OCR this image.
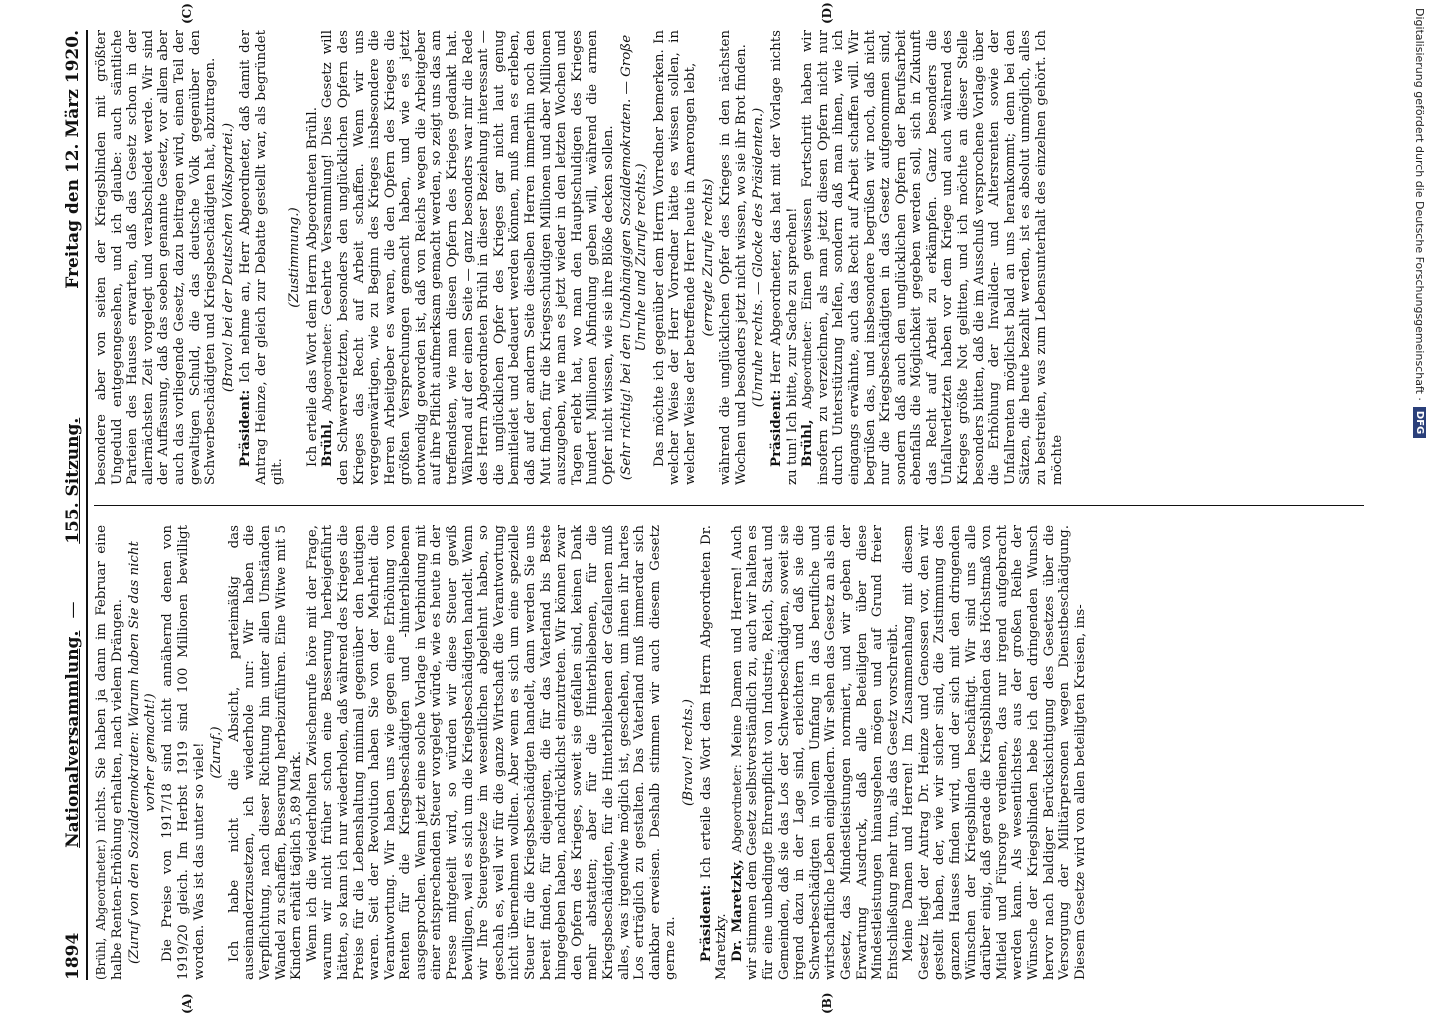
1894
Nationalversammlung.
—
155. Sitzung.
Freitag den 12. März 1920.
(A)	(B)
(C)	(D)

(Brühl, Abgeordneter.) nichts. Sie haben ja dann im Februar eine halbe Renten-Erhöhung erhalten, nach vielem Drängen. (Zuruf von den Sozialdemokraten: Warum haben Sie das nicht vorher gemacht!) Die Preise von 1917/18 sind nicht annähernd denen von 1919/20 gleich. Im Herbst 1919 sind 100 Millionen bewilligt worden. Was ist das unter so viele! (Zuruf.) Ich habe nicht die Absicht, parteimäßig das auseinanderzusetzen, ich wiederhole nur: Wir haben die Verpflichtung, nach dieser Richtung hin unter allen Umständen Wandel zu schaffen, Besserung herbeizuführen. Eine Witwe mit 5 Kindern erhält täglich 5,89 Mark. Wenn ich die wiederholten Zwischenrufe höre mit der Frage, warum wir nicht früher schon eine Besserung herbeigeführt hätten, so kann ich nur wiederholen, daß während des Krieges die Preise für die Lebenshaltung minimal gegenüber den heutigen waren. Seit der Revolution haben Sie von der Mehrheit die Verantwortung. Wir haben uns wie gegen eine Erhöhung von Renten für die Kriegsbeschädigten und -hinterbliebenen ausgesprochen. Wenn jetzt eine solche Vorlage in Verbindung mit einer entsprechenden Steuer vorgelegt würde, wie es heute in der Presse mitgeteilt wird, so würden wir diese Steuer gewiß bewilligen, weil es sich um die Kriegsbeschädigten handelt. Wenn wir Ihre Steuergesetze im wesentlichen abgelehnt haben, so geschah es, weil wir für die ganze Wirtschaft die Verantwortung nicht übernehmen wollten. Aber wenn es sich um eine spezielle Steuer für die Kriegsbeschädigten handelt, dann werden Sie uns bereit finden, für diejenigen, die für das Vaterland bis Beste hingegeben haben, nachdrücklichst einzutreten. Wir können zwar den Opfern des Krieges, soweit sie gefallen sind, keinen Dank mehr abstatten; aber für die Hinterbliebenen, für die Kriegsbeschädigten, für die Hinterbliebenen der Gefallenen muß alles, was irgendwie möglich ist, geschehen, um ihnen ihr hartes Los erträglich zu gestalten. Das Vaterland muß immerdar sich dankbar erweisen. Deshalb stimmen wir auch diesem Gesetz gerne zu.

(Bravo! rechts.)

Präsident: Ich erteile das Wort dem Herrn Abgeordneten Dr. Maretzky. Dr. Maretzky, Abgeordneter: Meine Damen und Herren! Auch wir stimmen dem Gesetz selbstverständlich zu, auch wir halten es für eine unbedingte Ehrenpflicht von Industrie, Reich, Staat und Gemeinden, daß sie das Los der Schwerbeschädigten, soweit sie irgend dazu in der Lage sind, erleichtern und daß sie die Schwerbeschädigten in vollem Umfang in das berufliche und wirtschaftliche Leben eingliedern. Wir sehen das Gesetz an als ein Gesetz, das Mindestleistungen normiert, und wir geben der Erwartung Ausdruck, daß alle Beteiligten über diese Mindestleistungen hinausgehen mögen und auf Grund freier Entschließung mehr tun, als das Gesetz vorschreibt. Meine Damen und Herren! Im Zusammenhang mit diesem Gesetz liegt der Antrag Dr. Heinze und Genossen vor, den wir gestellt haben, der, wie wir sicher sind, die Zustimmung des ganzen Hauses finden wird, und der sich mit den dringenden Wünschen der Kriegsblinden beschäftigt. Wir sind uns alle darüber einig, daß gerade die Kriegsblinden das Höchstmaß von Mitleid und Fürsorge verdienen, das nur irgend aufgebracht werden kann. Als wesentlichstes aus der großen Reihe der Wünsche der Kriegsblinden hebe ich den dringenden Wunsch hervor nach baldiger Berücksichtigung des Gesetzes über die Versorgung der Militärpersonen wegen Dienstbeschädigung. Diesem Gesetze wird von allen beteiligten Kreisen, ins-

besondere aber von seiten der Kriegsblinden mit größter Ungeduld entgegengesehen, und ich glaube: auch sämtliche Parteien des Hauses erwarten, daß das Gesetz schon in der allernächsten Zeit vorgelegt und verabschiedet werde. Wir sind der Auffassung, daß das soeben genannte Gesetz, vor allem aber auch das vorliegende Gesetz, dazu beitragen wird, einen Teil der gewaltigen Schuld, die das deutsche Volk gegenüber den Schwerbeschädigten und Kriegsbeschädigten hat, abzutragen. (Bravo! bei der Deutschen Volkspartei.)

Präsident: Ich nehme an, Herr Abgeordneter, daß damit der Antrag Heinze, der gleich zur Debatte gestellt war, als begründet gilt.

(Zustimmung.) Ich erteile das Wort dem Herrn Abgeordneten Brühl. Brühl, Abgeordneter: Geehrte Versammlung! Dies Gesetz will den Schwerverletzten, besonders den unglücklichen Opfern des Krieges das Recht auf Arbeit schaffen. Wenn wir uns vergegenwärtigen, wie zu Beginn des Krieges insbesondere die Herren Arbeitgeber es waren, die den Opfern des Krieges die größten Versprechungen gemacht haben, und wie es jetzt notwendig geworden ist, daß von Reichs wegen die Arbeitgeber auf ihre Pflicht aufmerksam gemacht werden, so zeigt uns das am treffendsten, wie man diesen Opfern des Krieges gedankt hat. Während auf der einen Seite — ganz besonders war mir die Rede des Herrn Abgeordneten Brühl in dieser Beziehung interessant — die unglücklichen Opfer des Krieges gar nicht laut genug bemitleidet und bedauert werden können, muß man es erleben, daß auf der andern Seite dieselben Herren immerhin noch den Mut finden, für die Kriegsschuldigen Millionen und aber Millionen auszugeben, wie man es jetzt wieder in den letzten Wochen und Tagen erlebt hat, wo man den Hauptschuldigen des Krieges hundert Millionen Abfindung geben will, während die armen Opfer nicht wissen, wie sie ihre Blöße decken sollen. (Sehr richtig! bei den Unabhängigen Sozialdemokraten. — Große Unruhe und Zurufe rechts.) Das möchte ich gegenüber dem Herrn Vorredner bemerken. In welcher Weise der Herr Vorredner hätte es wissen sollen, in welcher Weise der betreffende Herr heute in Amerongen lebt, (erregte Zurufe rechts) während die unglücklichen Opfer des Krieges in den nächsten Wochen und besonders jetzt nicht wissen, wo sie ihr Brot finden. (Unruhe rechts. — Glocke des Präsidenten.)

Präsident: Herr Abgeordneter, das hat mit der Vorlage nichts zu tun! Ich bitte, zur Sache zu sprechen! Brühl, Abgeordneter: Einen gewissen Fortschritt haben wir insofern zu verzeichnen, als man jetzt diesen Opfern nicht nur durch Unterstützung helfen, sondern daß man ihnen, wie ich eingangs erwähnte, auch das Recht auf Arbeit schaffen will. Wir begrüßen das, und insbesondere begrüßen wir noch, daß nicht nur die Kriegsbeschädigten in das Gesetz aufgenommen sind, sondern daß auch den unglücklichen Opfern der Berufsarbeit ebenfalls die Möglichkeit gegeben werden soll, sich in Zukunft das Recht auf Arbeit zu erkämpfen. Ganz besonders die Unfallverletzten haben vor dem Kriege und auch während des Krieges größte Not gelitten, und ich möchte an dieser Stelle besonders bitten, daß die im Ausschuß versprochene Vorlage über die Erhöhung der Invaliden- und Altersrenten sowie der Unfallrenten möglichst bald an uns herankommt; denn bei den Sätzen, die heute bezahlt werden, ist es absolut unmöglich, alles zu bestreiten, was zum Lebensunterhalt des einzelnen gehört. Ich möchte

Digitalisierung gefördert durch die Deutsche Forschungsgemeinschaft ·
DFG
